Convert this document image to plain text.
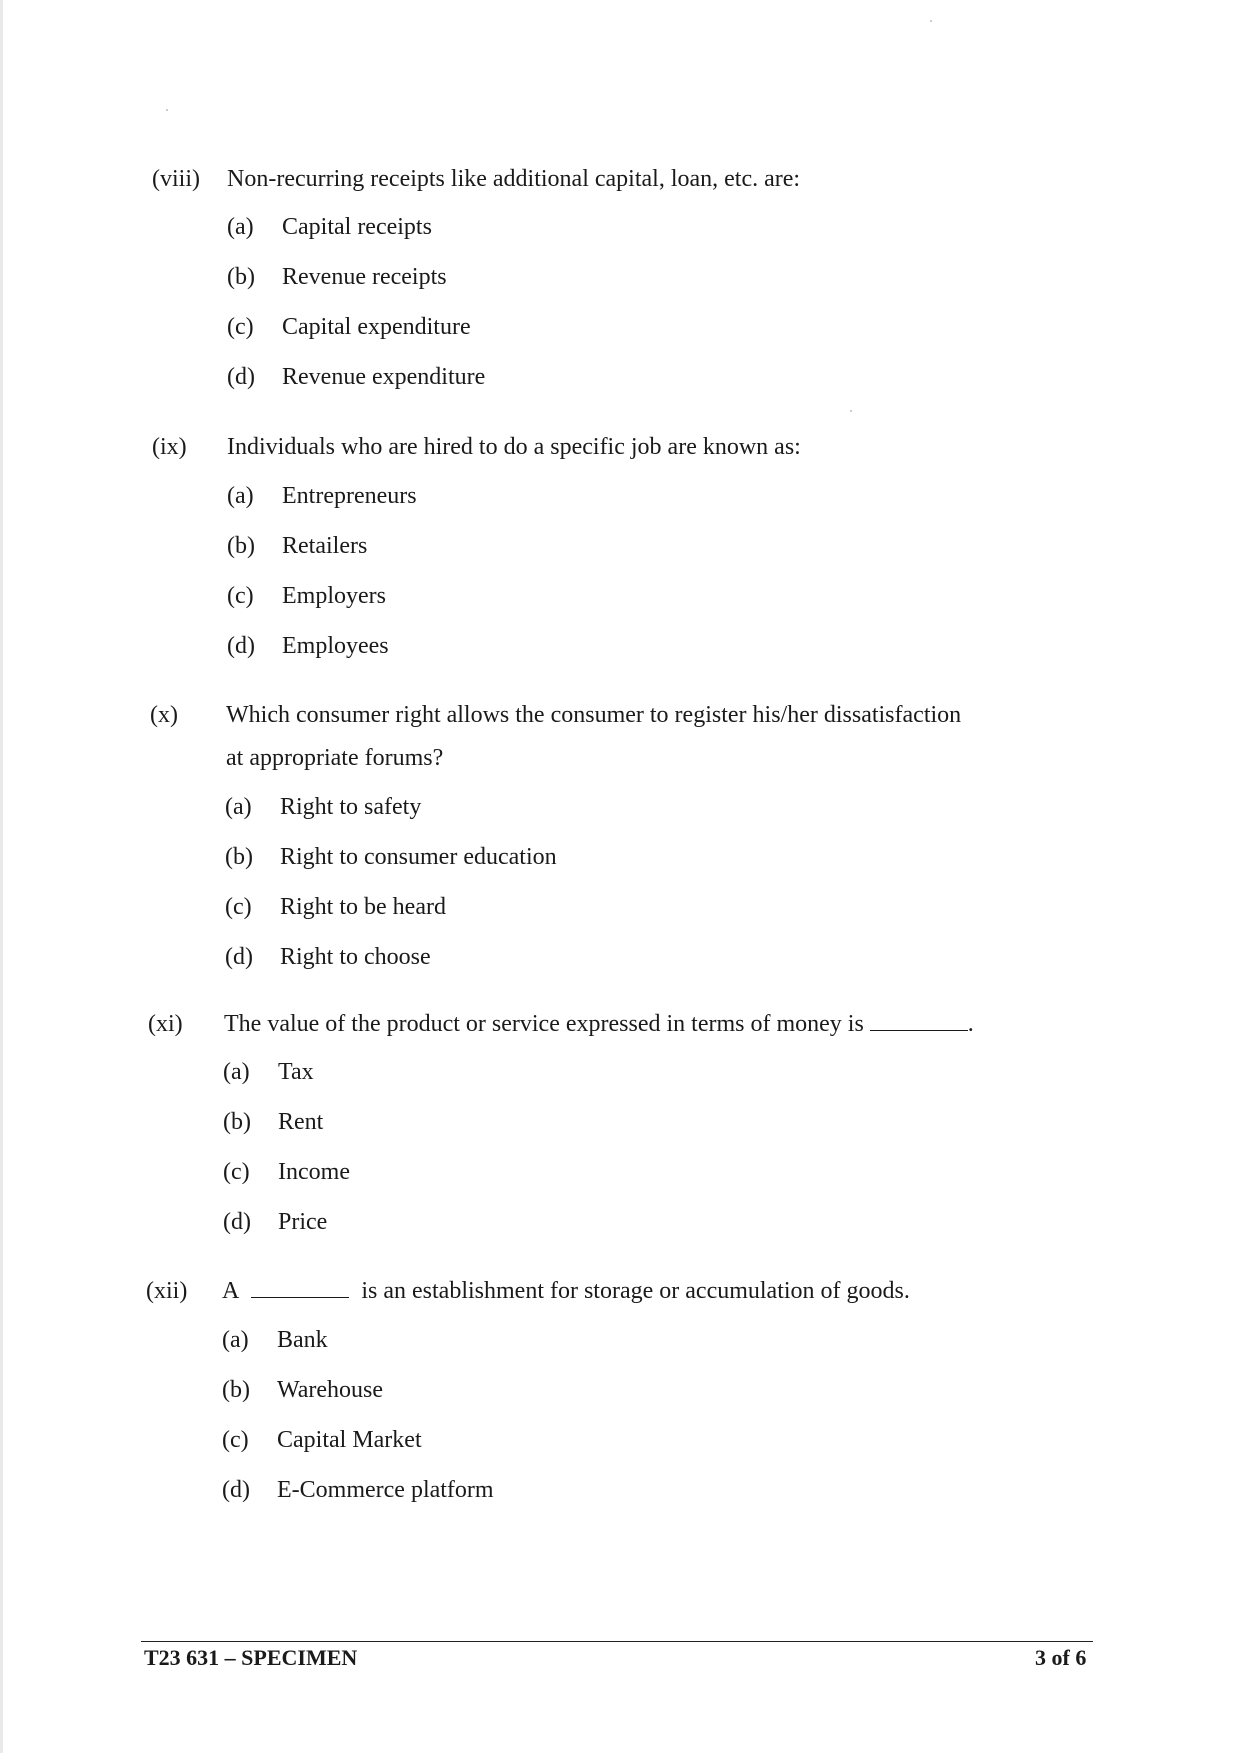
(viii) Non-recurring receipts like additional capital, loan, etc. are:
(a) Capital receipts
(b) Revenue receipts
(c) Capital expenditure
(d) Revenue expenditure
(ix) Individuals who are hired to do a specific job are known as:
(a) Entrepreneurs
(b) Retailers
(c) Employers
(d) Employees
(x) Which consumer right allows the consumer to register his/her dissatisfaction
at appropriate forums?
(a) Right to safety
(b) Right to consumer education
(c) Right to be heard
(d) Right to choose
(xi) The value of the product or service expressed in terms of money is	.
(a) Tax
(b) Rent
(c) Income
(d) Price
(xii) A	is an establishment for storage or accumulation of goods.
(a) Bank
(b) Warehouse
(c) Capital Market
(d) E-Commerce platform
T23 631 – SPECIMEN	3 of 6
